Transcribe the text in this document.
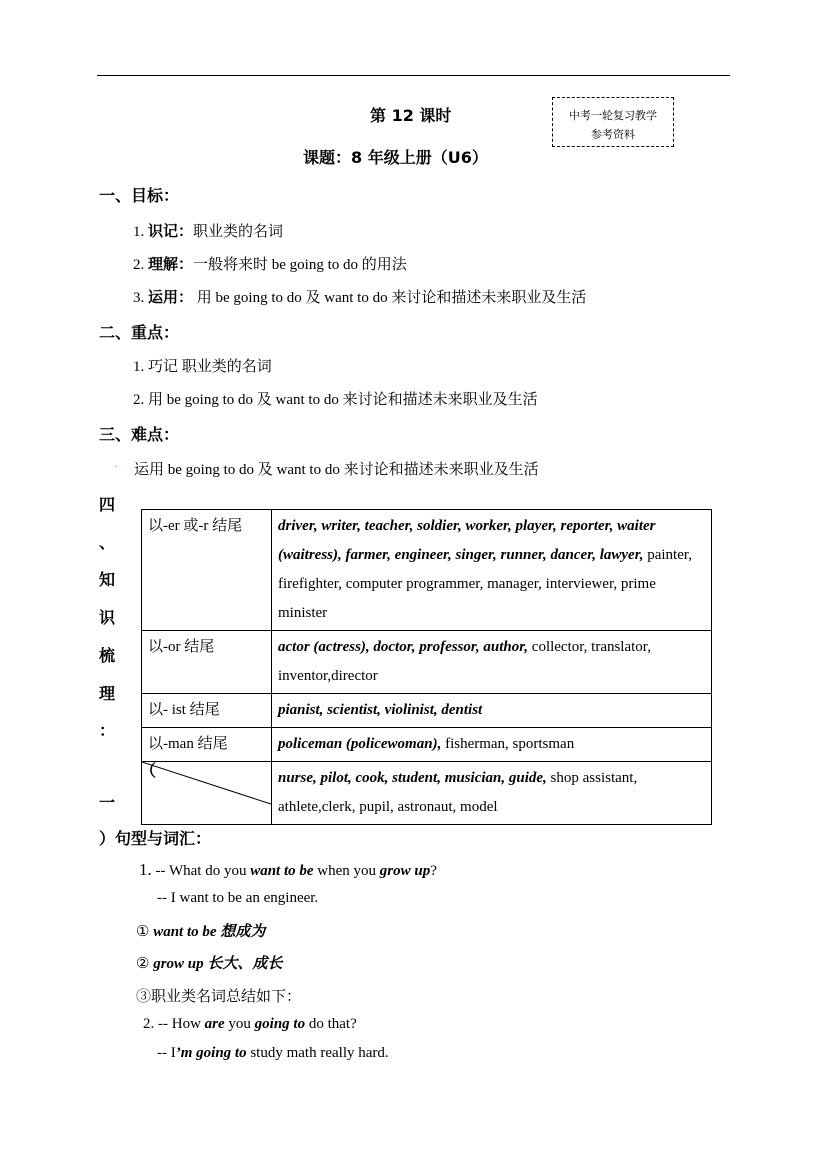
第 12 课时
课题：8 年级上册（U6）
中考一轮复习教学
参考资料
一、目标：
1. 识记：职业类的名词
2. 理解：一般将来时 be going to do 的用法
3. 运用： 用 be going to do 及 want to do 来讨论和描述未来职业及生活
二、重点：
1. 巧记 职业类的名词
2. 用 be going to do 及 want to do 来讨论和描述未来职业及生活
三、难点：
. 运用 be going to do 及 want to do 来讨论和描述未来职业及生活
四
、
知
识
梳
理
：
（
一
以-er 或-r 结尾	driver, writer, teacher, soldier, worker, player, reporter, waiter (waitress), farmer, engineer, singer, runner, dancer, lawyer, painter, firefighter, computer programmer, manager, interviewer, prime minister
以-or 结尾	actor (actress), doctor, professor, author, collector, translator, inventor,director
以- ist 结尾	pianist, scientist, violinist, dentist
以-man 结尾	policeman (policewoman), fisherman, sportsman

	nurse, pilot, cook, student, musician, guide, shop assistant, athlete,clerk, pupil, astronaut, model
）句型与词汇：
1. -- What do you want to be when you grow up?
-- I want to be an engineer.
① want to be 想成为
② grow up 长大、成长
③职业类名词总结如下：
2. -- How are you going to do that?
-- I’m going to study math really hard.
